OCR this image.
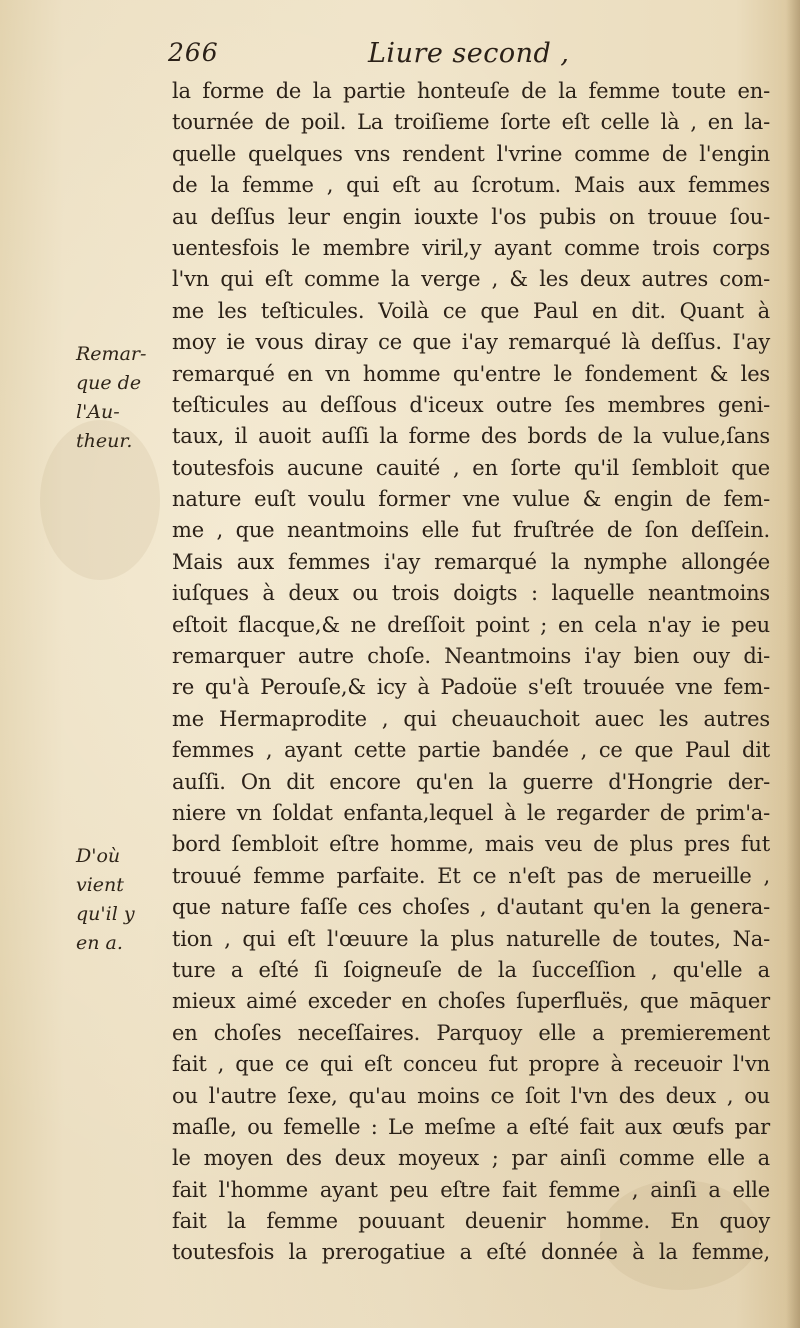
266	Liure second ,
Remar-
que de
l'Au-
theur.
D'où
vient
qu'il y
en a.
la forme de la partie honteuſe de la femme toute en-
tournée de poil. La troiſieme ſorte eſt celle là , en la-
quelle quelques vns rendent l'vrine comme de l'engin
de la femme , qui eſt au ſcrotum. Mais aux femmes
au deſſus leur engin iouxte l'os pubis on trouue ſou-
uentesfois le membre viril,y ayant comme trois corps
l'vn qui eſt comme la verge , & les deux autres com-
me les teſticules. Voilà ce que Paul en dit. Quant à
moy ie vous diray ce que i'ay remarqué là deſſus. I'ay
remarqué en vn homme qu'entre le fondement & les
teſticules au deſſous d'iceux outre ſes membres geni-
taux, il auoit auſſi la forme des bords de la vulue,ſans
toutesfois aucune cauité , en ſorte qu'il ſembloit que
nature euſt voulu former vne vulue & engin de fem-
me , que neantmoins elle fut fruſtrée de ſon deſſein.
Mais aux femmes i'ay remarqué la nymphe allongée
iuſques à deux ou trois doigts : laquelle neantmoins
eſtoit flacque,& ne dreſſoit point ; en cela n'ay ie peu
remarquer autre choſe. Neantmoins i'ay bien ouy di-
re qu'à Perouſe,& icy à Padoüe s'eſt trouuée vne fem-
me Hermaprodite , qui cheuauchoit auec les autres
femmes , ayant cette partie bandée , ce que Paul dit
auſſi. On dit encore qu'en la guerre d'Hongrie der-
niere vn ſoldat enfanta,lequel à le regarder de prim'a-
bord ſembloit eſtre homme, mais veu de plus pres fut
trouué femme parfaite. Et ce n'eſt pas de merueille ,
que nature faſſe ces choſes , d'autant qu'en la genera-
tion , qui eſt l'œuure la plus naturelle de toutes, Na-
ture a eſté ſi ſoigneuſe de la ſucceſſion , qu'elle a
mieux aimé exceder en choſes ſuperfluës, que māquer
en choſes neceſſaires. Parquoy elle a premierement
fait , que ce qui eſt conceu fut propre à receuoir l'vn
ou l'autre ſexe, qu'au moins ce ſoit l'vn des deux , ou
maſle, ou femelle : Le meſme a eſté fait aux œufs par
le moyen des deux moyeux ; par ainſi comme elle a
fait l'homme ayant peu eſtre fait femme , ainſi a elle
fait la femme pouuant deuenir homme. En quoy
toutesfois la prerogatiue a eſté donnée à la femme,
